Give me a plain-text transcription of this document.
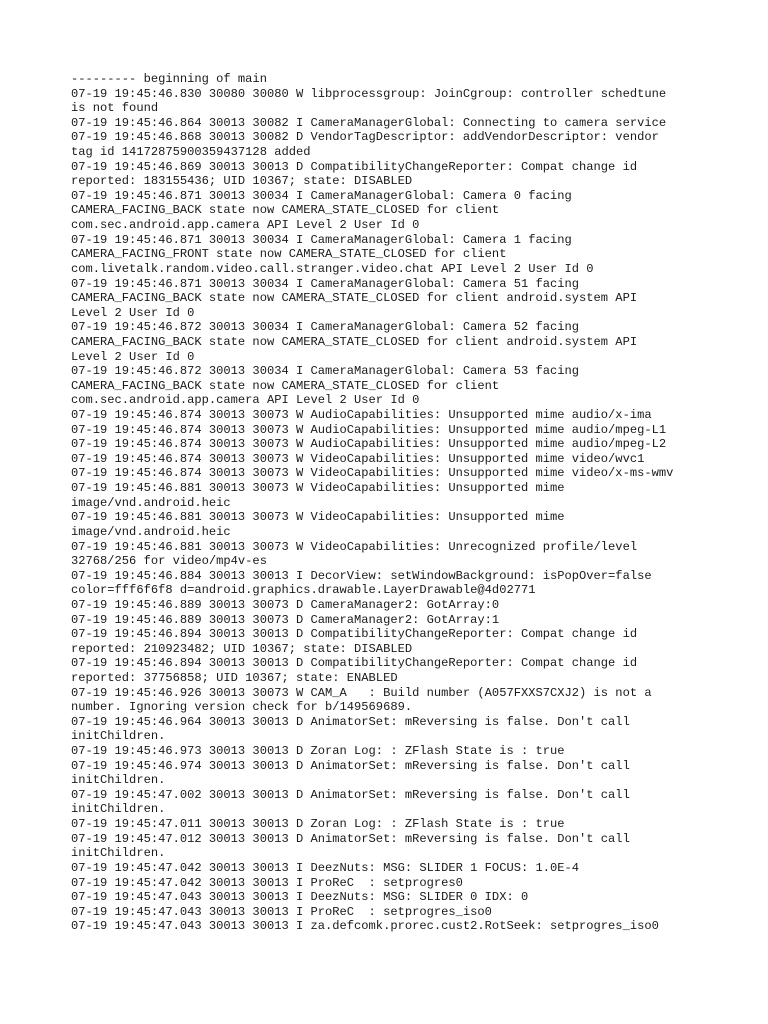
--------- beginning of main
07-19 19:45:46.830 30080 30080 W libprocessgroup: JoinCgroup: controller schedtune
is not found
07-19 19:45:46.864 30013 30082 I CameraManagerGlobal: Connecting to camera service
07-19 19:45:46.868 30013 30082 D VendorTagDescriptor: addVendorDescriptor: vendor
tag id 14172875900359437128 added
07-19 19:45:46.869 30013 30013 D CompatibilityChangeReporter: Compat change id
reported: 183155436; UID 10367; state: DISABLED
07-19 19:45:46.871 30013 30034 I CameraManagerGlobal: Camera 0 facing
CAMERA_FACING_BACK state now CAMERA_STATE_CLOSED for client
com.sec.android.app.camera API Level 2 User Id 0
07-19 19:45:46.871 30013 30034 I CameraManagerGlobal: Camera 1 facing
CAMERA_FACING_FRONT state now CAMERA_STATE_CLOSED for client
com.livetalk.random.video.call.stranger.video.chat API Level 2 User Id 0
07-19 19:45:46.871 30013 30034 I CameraManagerGlobal: Camera 51 facing
CAMERA_FACING_BACK state now CAMERA_STATE_CLOSED for client android.system API
Level 2 User Id 0
07-19 19:45:46.872 30013 30034 I CameraManagerGlobal: Camera 52 facing
CAMERA_FACING_BACK state now CAMERA_STATE_CLOSED for client android.system API
Level 2 User Id 0
07-19 19:45:46.872 30013 30034 I CameraManagerGlobal: Camera 53 facing
CAMERA_FACING_BACK state now CAMERA_STATE_CLOSED for client
com.sec.android.app.camera API Level 2 User Id 0
07-19 19:45:46.874 30013 30073 W AudioCapabilities: Unsupported mime audio/x-ima
07-19 19:45:46.874 30013 30073 W AudioCapabilities: Unsupported mime audio/mpeg-L1
07-19 19:45:46.874 30013 30073 W AudioCapabilities: Unsupported mime audio/mpeg-L2
07-19 19:45:46.874 30013 30073 W VideoCapabilities: Unsupported mime video/wvc1
07-19 19:45:46.874 30013 30073 W VideoCapabilities: Unsupported mime video/x-ms-wmv
07-19 19:45:46.881 30013 30073 W VideoCapabilities: Unsupported mime
image/vnd.android.heic
07-19 19:45:46.881 30013 30073 W VideoCapabilities: Unsupported mime
image/vnd.android.heic
07-19 19:45:46.881 30013 30073 W VideoCapabilities: Unrecognized profile/level
32768/256 for video/mp4v-es
07-19 19:45:46.884 30013 30013 I DecorView: setWindowBackground: isPopOver=false
color=fff6f6f8 d=android.graphics.drawable.LayerDrawable@4d02771
07-19 19:45:46.889 30013 30073 D CameraManager2: GotArray:0
07-19 19:45:46.889 30013 30073 D CameraManager2: GotArray:1
07-19 19:45:46.894 30013 30013 D CompatibilityChangeReporter: Compat change id
reported: 210923482; UID 10367; state: DISABLED
07-19 19:45:46.894 30013 30013 D CompatibilityChangeReporter: Compat change id
reported: 37756858; UID 10367; state: ENABLED
07-19 19:45:46.926 30013 30073 W CAM_A   : Build number (A057FXXS7CXJ2) is not a
number. Ignoring version check for b/149569689.
07-19 19:45:46.964 30013 30013 D AnimatorSet: mReversing is false. Don't call
initChildren.
07-19 19:45:46.973 30013 30013 D Zoran Log: : ZFlash State is : true
07-19 19:45:46.974 30013 30013 D AnimatorSet: mReversing is false. Don't call
initChildren.
07-19 19:45:47.002 30013 30013 D AnimatorSet: mReversing is false. Don't call
initChildren.
07-19 19:45:47.011 30013 30013 D Zoran Log: : ZFlash State is : true
07-19 19:45:47.012 30013 30013 D AnimatorSet: mReversing is false. Don't call
initChildren.
07-19 19:45:47.042 30013 30013 I DeezNuts: MSG: SLIDER 1 FOCUS: 1.0E-4
07-19 19:45:47.042 30013 30013 I ProReC  : setprogres0
07-19 19:45:47.043 30013 30013 I DeezNuts: MSG: SLIDER 0 IDX: 0
07-19 19:45:47.043 30013 30013 I ProReC  : setprogres_iso0
07-19 19:45:47.043 30013 30013 I za.defcomk.prorec.cust2.RotSeek: setprogres_iso0
